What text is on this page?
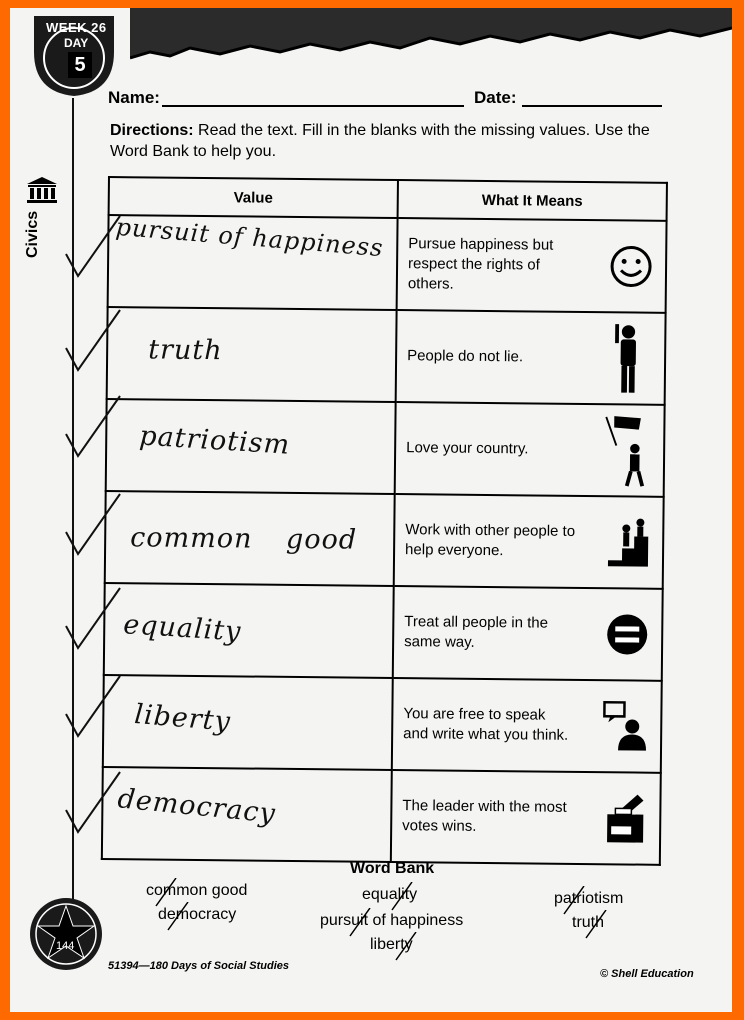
WEEK 26
DAY
5
Civics
Name:	Date:
Directions: Read the text. Fill in the blanks with the missing values. Use the Word Bank to help you.
Value	What It Means

pursuit of happiness	Pursue happiness but respect the rights of others.

truth	People do not lie.

patriotism	Love your country.

common good	Work with other people to help everyone.

equality	Treat all people in the same way.

liberty	You are free to speak and write what you think.

democracy	The leader with the most votes wins.
Word Bank
common good
democracy
equality
pursuit of happiness
liberty
patriotism
truth
144
51394—180 Days of Social Studies
© Shell Education
